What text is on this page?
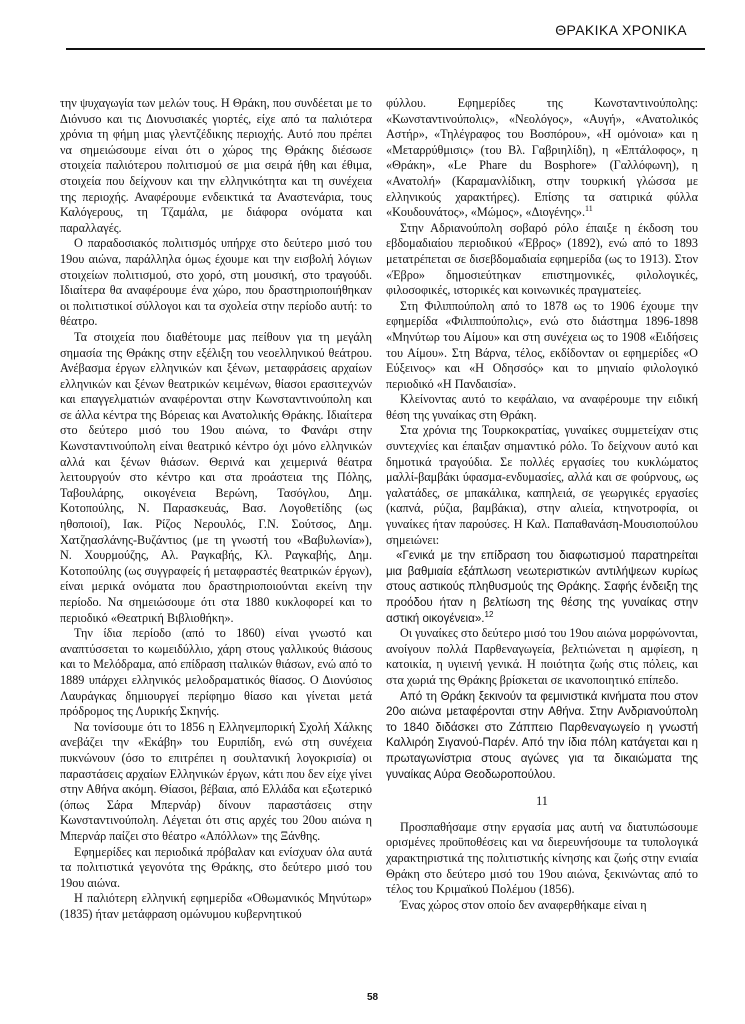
ΘΡΑΚΙΚΑ ΧΡΟΝΙΚΑ

την ψυχαγωγία των μελών τους. Η Θράκη, που συνδέεται με το Διόνυσο και τις Διονυσιακές γιορτές, είχε από τα παλιότερα χρόνια τη φήμη μιας γλεντζέδικης περιοχής. Αυτό που πρέπει να σημειώσουμε είναι ότι ο χώρος της Θράκης διέσωσε στοιχεία παλιότερου πολιτισμού σε μια σειρά ήθη και έθιμα, στοιχεία που δείχνουν και την ελληνικότητα και τη συνέχεια της περιοχής. Αναφέρουμε ενδεικτικά τα Αναστενάρια, τους Καλόγερους, τη Τζαμάλα, με διάφορα ονόματα και παραλλαγές.

Ο παραδοσιακός πολιτισμός υπήρχε στο δεύτερο μισό του 19ου αιώνα, παράλληλα όμως έχουμε και την εισβολή λόγιων στοιχείων πολιτισμού, στο χορό, στη μουσική, στο τραγούδι. Ιδιαίτερα θα αναφέρουμε ένα χώρο, που δραστηριοποιήθηκαν οι πολιτιστικοί σύλλογοι και τα σχολεία στην περίοδο αυτή: το θέατρο.

Τα στοιχεία που διαθέτουμε μας πείθουν για τη μεγάλη σημασία της Θράκης στην εξέλιξη του νεοελληνικού θεάτρου. Ανέβασμα έργων ελληνικών και ξένων, μεταφράσεις αρχαίων ελληνικών και ξένων θεατρικών κειμένων, θίασοι ερασιτεχνών και επαγγελματιών αναφέρονται στην Κωνσταντινούπολη και σε άλλα κέντρα της Βόρειας και Ανατολικής Θράκης. Ιδιαίτερα στο δεύτερο μισό του 19ου αιώνα, το Φανάρι στην Κωνσταντινούπολη είναι θεατρικό κέντρο όχι μόνο ελληνικών αλλά και ξένων θιάσων. Θερινά και χειμερινά θέατρα λειτουργούν στο κέντρο και στα προάστεια της Πόλης, Ταβουλάρης, οικογένεια Βερώνη, Τασόγλου, Δημ. Κοτοπούλης, Ν. Παρασκευάς, Βασ. Λογοθετίδης (ως ηθοποιοί), Ιακ. Ρίζος Νερουλός, Γ.Ν. Σούτσος, Δημ. Χατζηασλάνης-Βυζάντιος (με τη γνωστή του «Βαβυλωνία»), Ν. Χουρμούζης, Αλ. Ραγκαβής, Κλ. Ραγκαβής, Δημ. Κοτοπούλης (ως συγγραφείς ή μεταφραστές θεατρικών έργων), είναι μερικά ονόματα που δραστηριοποιούνται εκείνη την περίοδο. Να σημειώσουμε ότι στα 1880 κυκλοφορεί και το περιοδικό «Θεατρική Βιβλιοθήκη».

Την ίδια περίοδο (από το 1860) είναι γνωστό και αναπτύσσεται το κωμειδύλλιο, χάρη στους γαλλικούς θιάσους και το Μελόδραμα, από επίδραση ιταλικών θιάσων, ενώ από το 1889 υπάρχει ελληνικός μελοδραματικός θίασος. Ο Διονύσιος Λαυράγκας δημιουργεί περίφημο θίασο και γίνεται μετά πρόδρομος της Λυρικής Σκηνής.

Να τονίσουμε ότι το 1856 η Ελληνεμπορική Σχολή Χάλκης ανεβάζει την «Εκάβη» του Ευριπίδη, ενώ στη συνέχεια πυκνώνουν (όσο το επιτρέπει η σουλτανική λογοκρισία) οι παραστάσεις αρχαίων Ελληνικών έργων, κάτι που δεν είχε γίνει στην Αθήνα ακόμη. Θίασοι, βέβαια, από Ελλάδα και εξωτερικό (όπως Σάρα Μπερνάρ) δίνουν παραστάσεις στην Κωνσταντινούπολη. Λέγεται ότι στις αρχές του 20ου αιώνα η Μπερνάρ παίζει στο θέατρο «Απόλλων» της Ξάνθης.

Εφημερίδες και περιοδικά πρόβαλαν και ενίσχυαν όλα αυτά τα πολιτιστικά γεγονότα της Θράκης, στο δεύτερο μισό του 19ου αιώνα.

Η παλιότερη ελληνική εφημερίδα «Οθωμανικός Μηνύτωρ» (1835) ήταν μετάφραση ομώνυμου κυβερνητικού

φύλλου. Εφημερίδες της Κωνσταντινούπολης: «Κωνσταντινούπολις», «Νεολόγος», «Αυγή», «Ανατολικός Αστήρ», «Τηλέγραφος του Βοσπόρου», «Η ομόνοια» και η «Μεταρρύθμισις» (του Βλ. Γαβριηλίδη), η «Επτάλοφος», η «Θράκη», «Le Phare du Bosphore» (Γαλλόφωνη), η «Ανατολή» (Καραμανλίδικη, στην τουρκική γλώσσα με ελληνικούς χαρακτήρες). Επίσης τα σατιρικά φύλλα «Κουδουνάτος», «Μώμος», «Διογένης».$^{11}$

Στην Αδριανούπολη σοβαρό ρόλο έπαιξε η έκδοση του εβδομαδιαίου περιοδικού «Έβρος» (1892), ενώ από το 1893 μετατρέπεται σε δισεβδομαδιαία εφημερίδα (ως το 1913). Στον «Έβρο» δημοσιεύτηκαν επιστημονικές, φιλολογικές, φιλοσοφικές, ιστορικές και κοινωνικές πραγματείες.

Στη Φιλιππούπολη από το 1878 ως το 1906 έχουμε την εφημερίδα «Φιλιππούπολις», ενώ στο διάστημα 1896-1898 «Μηνύτωρ του Αίμου» και στη συνέχεια ως το 1908 «Ειδήσεις του Αίμου». Στη Βάρνα, τέλος, εκδίδονταν οι εφημερίδες «Ο Εύξεινος» και «Η Οδησσός» και το μηνιαίο φιλολογικό περιοδικό «Η Πανδαισία».

Κλείνοντας αυτό το κεφάλαιο, να αναφέρουμε την ειδική θέση της γυναίκας στη Θράκη.

Στα χρόνια της Τουρκοκρατίας, γυναίκες συμμετείχαν στις συντεχνίες και έπαιξαν σημαντικό ρόλο. Το δείχνουν αυτό και δημοτικά τραγούδια. Σε πολλές εργασίες του κυκλώματος μαλλί-βαμβάκι ύφασμα-ενδυμασίες, αλλά και σε φούρνους, ως γαλατάδες, σε μπακάλικα, καπηλειά, σε γεωργικές εργασίες (καπνά, ρύζια, βαμβάκια), στην αλιεία, κτηνοτροφία, οι γυναίκες ήταν παρούσες. Η Καλ. Παπαθανάση-Μουσιοπούλου σημειώνει:

«Γενικά με την επίδραση του διαφωτισμού παρατηρείται μια βαθμιαία εξάπλωση νεωτεριστικών αντιλήψεων κυρίως στους αστικούς πληθυσμούς της Θράκης. Σαφής ένδειξη της προόδου ήταν η βελτίωση της θέσης της γυναίκας στην αστική οικογένεια».$^{12}$

Οι γυναίκες στο δεύτερο μισό του 19ου αιώνα μορφώνονται, ανοίγουν πολλά Παρθεναγωγεία, βελτιώνεται η αμφίεση, η κατοικία, η υγιεινή γενικά. Η ποιότητα ζωής στις πόλεις, και στα χωριά της Θράκης βρίσκεται σε ικανοποιητικό επίπεδο.

Από τη Θράκη ξεκινούν τα φεμινιστικά κινήματα που στον 20ο αιώνα μεταφέρονται στην Αθήνα. Στην Ανδριανούπολη το 1840 διδάσκει στο Ζάππειο Παρθεναγωγείο η γνωστή Καλλιρόη Σιγανού-Παρέν. Από την ίδια πόλη κατάγεται και η πρωταγωνίστρια στους αγώνες για τα δικαιώματα της γυναίκας Αύρα Θεοδωροπούλου.

11

Προσπαθήσαμε στην εργασία μας αυτή να διατυπώσουμε ορισμένες προϋποθέσεις και να διερευνήσουμε τα τυπολογικά χαρακτηριστικά της πολιτιστικής κίνησης και ζωής στην ενιαία Θράκη στο δεύτερο μισό του 19ου αιώνα, ξεκινώντας από το τέλος του Κριμαϊκού Πολέμου (1856).

Ένας χώρος στον οποίο δεν αναφερθήκαμε είναι η

58
